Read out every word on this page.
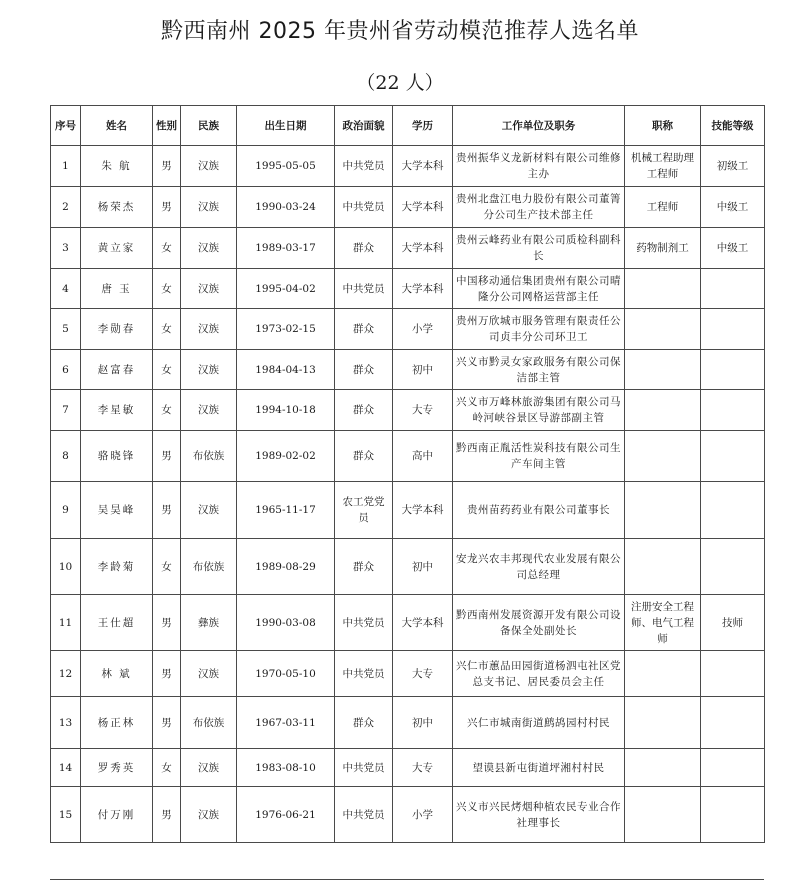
黔西南州 2025 年贵州省劳动模范推荐人选名单
（22 人）
序号	姓名	性别	民族	出生日期	政治面貌	学历	工作单位及职务	职称	技能等级
1	朱 航	男	汉族	1995-05-05	中共党员	大学本科	贵州振华义龙新材料有限公司维修主办	机械工程助理工程师	初级工
2	杨荣杰	男	汉族	1990-03-24	中共党员	大学本科	贵州北盘江电力股份有限公司董箐分公司生产技术部主任	工程师	中级工
3	黄立家	女	汉族	1989-03-17	群众	大学本科	贵州云峰药业有限公司质检科副科长	药物制剂工	中级工
4	唐 玉	女	汉族	1995-04-02	中共党员	大学本科	中国移动通信集团贵州有限公司晴隆分公司网格运营部主任		
5	李勋春	女	汉族	1973-02-15	群众	小学	贵州万欣城市服务管理有限责任公司贞丰分公司环卫工		
6	赵富春	女	汉族	1984-04-13	群众	初中	兴义市黔灵女家政服务有限公司保洁部主管		
7	李星敏	女	汉族	1994-10-18	群众	大专	兴义市万峰林旅游集团有限公司马岭河峡谷景区导游部副主管		
8	骆晓锋	男	布依族	1989-02-02	群众	高中	黔西南正胤活性炭科技有限公司生产车间主管		
9	吴昊峰	男	汉族	1965-11-17	农工党党员	大学本科	贵州苗药药业有限公司董事长		
10	李龄菊	女	布依族	1989-08-29	群众	初中	安龙兴农丰邦现代农业发展有限公司总经理		
11	王仕超	男	彝族	1990-03-08	中共党员	大学本科	黔西南州发展资源开发有限公司设备保全处副处长	注册安全工程师、电气工程师	技师
12	林 斌	男	汉族	1970-05-10	中共党员	大专	兴仁市蕙品田园街道杨泗屯社区党总支书记、居民委员会主任		
13	杨正林	男	布依族	1967-03-11	群众	初中	兴仁市城南街道鹧鸪园村村民		
14	罗秀英	女	汉族	1983-08-10	中共党员	大专	望谟县新屯街道坪湘村村民		
15	付万刚	男	汉族	1976-06-21	中共党员	小学	兴义市兴民烤烟种植农民专业合作社理事长		
